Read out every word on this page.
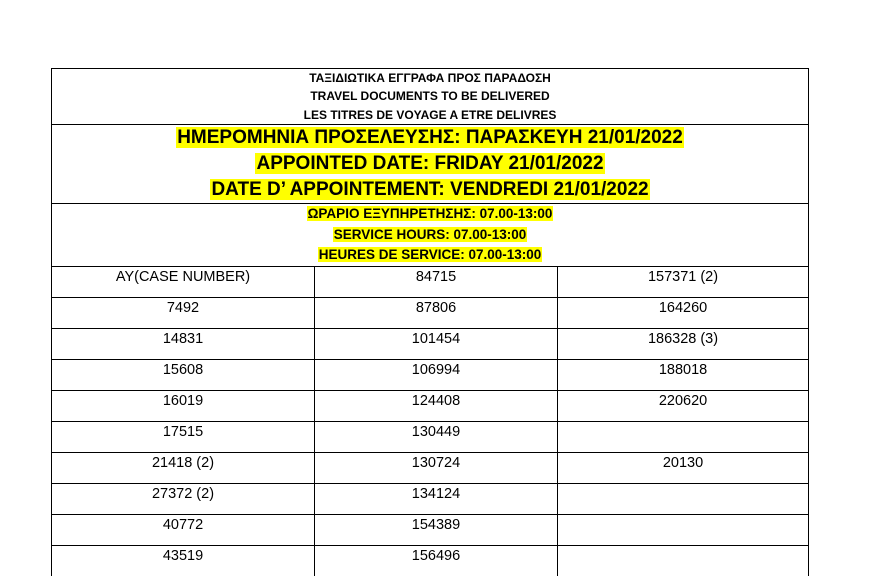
ΤΑΞΙΔΙΩΤΙΚΑ ΕΓΓΡΑΦΑ ΠΡΟΣ ΠΑΡΑΔΟΣΗ
TRAVEL DOCUMENTS TO BE DELIVERED
LES TITRES DE VOYAGE A ETRE DELIVRES		

ΗΜΕΡΟΜΗΝΙΑ ΠΡΟΣΕΛΕΥΣΗΣ: ΠΑΡΑΣΚΕΥΗ 21/01/2022
APPOINTED DATE: FRIDAY 21/01/2022
DATE D’ APPOINTEMENT: VENDREDI 21/01/2022		

ΩΡΑΡΙΟ ΕΞΥΠΗΡΕΤΗΣΗΣ: 07.00-13:00
SERVICE HOURS: 07.00-13:00
HEURES DE SERVICE: 07.00-13:00		

AY(CASE NUMBER)	84715	157371 (2)
7492	87806	164260
14831	101454	186328 (3)
15608	106994	188018
16019	124408	220620
17515	130449	
21418 (2)	130724	20130
27372 (2)	134124	
40772	154389	
43519	156496	
